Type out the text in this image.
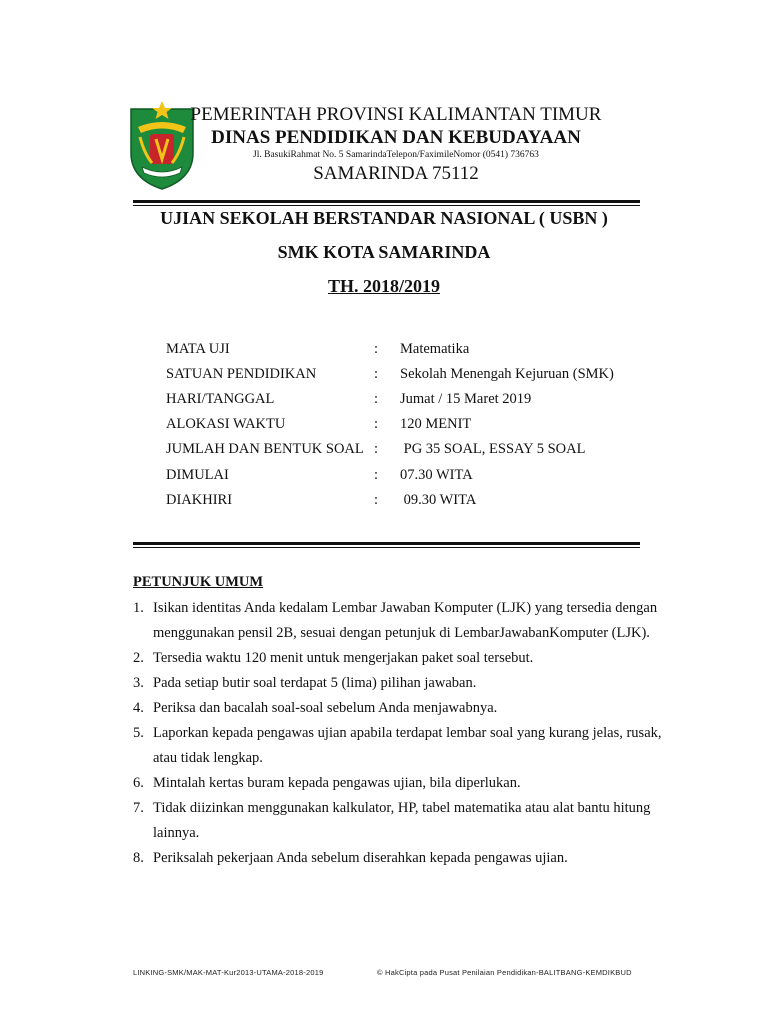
PEMERINTAH PROVINSI KALIMANTAN TIMUR
DINAS PENDIDIKAN DAN KEBUDAYAAN
Jl. BasukiRahmat No. 5 SamarindaTelepon/FaximileNomor (0541) 736763
SAMARINDA 75112
UJIAN SEKOLAH BERSTANDAR NASIONAL ( USBN )
SMK KOTA SAMARINDA
TH. 2018/2019
MATA UJI	: Matematika
SATUAN PENDIDIKAN	: Sekolah Menengah Kejuruan (SMK)
HARI/TANGGAL	: Jumat / 15 Maret 2019
ALOKASI WAKTU	: 120 MENIT
JUMLAH DAN BENTUK SOAL : PG 35 SOAL, ESSAY 5 SOAL
DIMULAI	: 07.30 WITA
DIAKHIRI	: 09.30 WITA
PETUNJUK UMUM
1. Isikan identitas Anda kedalam Lembar Jawaban Komputer (LJK) yang tersedia dengan
menggunakan pensil 2B, sesuai dengan petunjuk di LembarJawabanKomputer (LJK).
2. Tersedia waktu 120 menit untuk mengerjakan paket soal tersebut.
3. Pada setiap butir soal terdapat 5 (lima) pilihan jawaban.
4. Periksa dan bacalah soal-soal sebelum Anda menjawabnya.
5. Laporkan kepada pengawas ujian apabila terdapat lembar soal yang kurang jelas, rusak,
atau tidak lengkap.
6. Mintalah kertas buram kepada pengawas ujian, bila diperlukan.
7. Tidak diizinkan menggunakan kalkulator, HP, tabel matematika atau alat bantu hitung
lainnya.
8. Periksalah pekerjaan Anda sebelum diserahkan kepada pengawas ujian.
LINKING-SMK/MAK-MAT-Kur2013-UTAMA-2018-2019	© HakCipta pada Pusat Penilaian Pendidikan-BALITBANG-KEMDIKBUD
